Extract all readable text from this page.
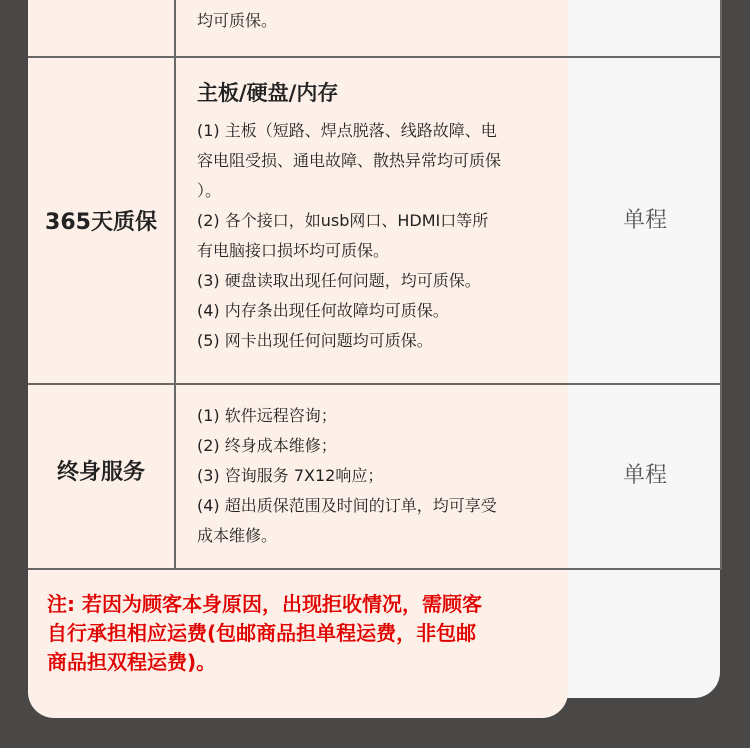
均可质保。

365天质保
主板/硬盘/内存

(1) 主板（短路、焊点脱落、线路故障、电

容电阻受损、通电故障、散热异常均可质保

）。

(2) 各个接口，如usb网口、HDMI口等所

有电脑接口损坏均可质保。

(3) 硬盘读取出现任何问题，均可质保。

(4) 内存条出现任何故障均可质保。

(5) 网卡出现任何问题均可质保。

单程
终身服务

(1) 软件远程咨询；

(2) 终身成本维修；

(3) 咨询服务 7X12响应；

(4) 超出质保范围及时间的订单，均可享受

成本维修。

单程
注: 若因为顾客本身原因，出现拒收情况，需顾客
自行承担相应运费(包邮商品担单程运费，非包邮
商品担双程运费)。
